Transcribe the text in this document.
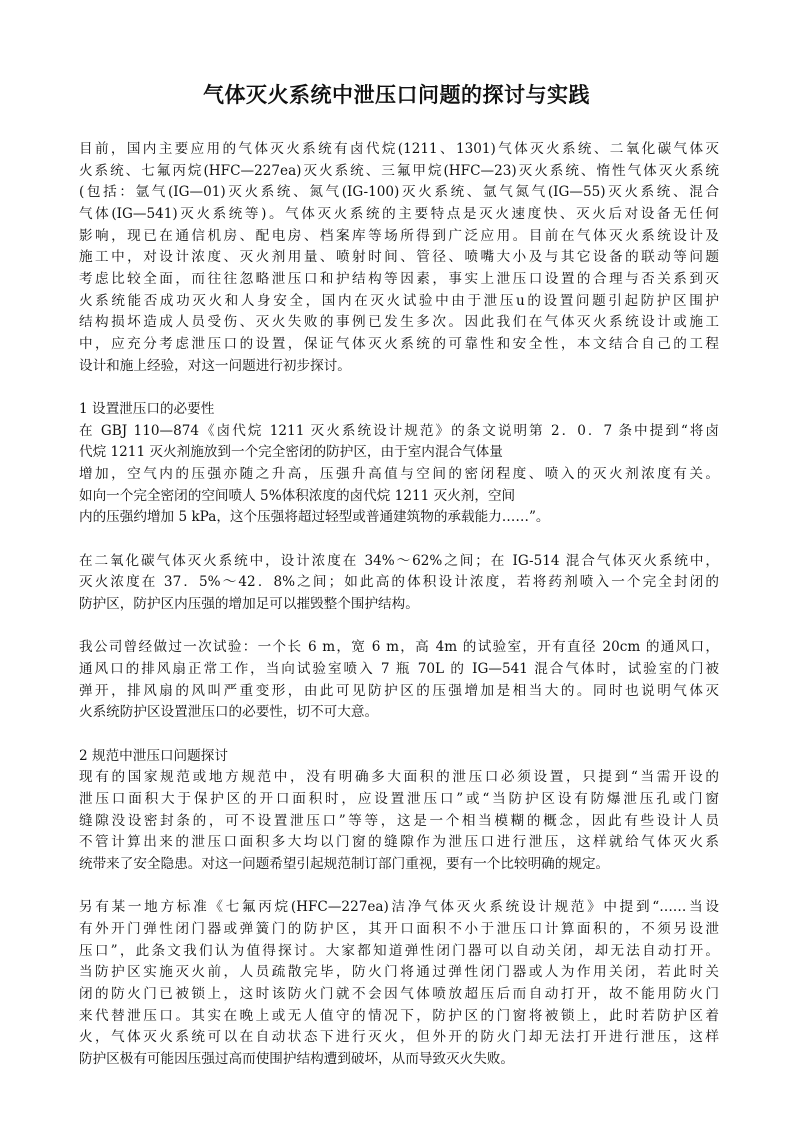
气体灭火系统中泄压口问题的探讨与实践
目前，国内主要应用的气体灭火系统有卤代烷(1211、1301)气体灭火系统、二氧化碳气体灭
火系统、七氟丙烷(HFC—227ea)灭火系统、三氟甲烷(HFC—23)灭火系统、惰性气体灭火系统
(包括：氩气(IG—01)灭火系统、氮气(IG-100)灭火系统、氩气氮气(IG—55)灭火系统、混合
气体(IG—541)灭火系统等)。气体灭火系统的主要特点是灭火速度快、灭火后对设备无任何
影响，现已在通信机房、配电房、档案库等场所得到广泛应用。目前在气体灭火系统设计及
施工中，对设计浓度、灭火剂用量、喷射时间、管径、喷嘴大小及与其它设备的联动等问题
考虑比较全面，而往往忽略泄压口和护结构等因素，事实上泄压口设置的合理与否关系到灭
火系统能否成功灭火和人身安全，国内在灭火试验中由于泄压u的设置问题引起防护区围护
结构损坏造成人员受伤、灭火失败的事例已发生多次。因此我们在气体灭火系统设计或施工
中，应充分考虑泄压口的设置，保证气体灭火系统的可靠性和安全性，本文结合自己的工程
设计和施上经验，对这一问题进行初步探讨。
1 设置泄压口的必要性
在 GBJ 110—874《卤代烷 1211 灭火系统设计规范》的条文说明第 2．0．7 条中提到“将卤
代烷 1211 灭火剂施放到一个完全密闭的防护区，由于室内混合气体量
增加，空气内的压强亦随之升高，压强升高值与空间的密闭程度、喷入的灭火剂浓度有关。
如向一个完全密闭的空间喷人 5%体积浓度的卤代烷 1211 灭火剂，空间
内的压强约增加 5 kPa，这个压强将超过轻型或普通建筑物的承载能力……”。
在二氧化碳气体灭火系统中，设计浓度在 34%～62%之间；在 IG-514 混合气体灭火系统中，
灭火浓度在 37．5%～42．8%之间；如此高的体积设计浓度，若将药剂喷入一个完全封闭的
防护区，防护区内压强的增加足可以摧毁整个围护结构。
我公司曾经做过一次试验：一个长 6 m，宽 6 m，高 4m 的试验室，开有直径 20cm 的通风口，
通风口的排风扇正常工作，当向试验室喷入 7 瓶 70L 的 IG—541 混合气体时，试验室的门被
弹开，排风扇的风叫严重变形，由此可见防护区的压强增加是相当大的。同时也说明气体灭
火系统防护区设置泄压口的必要性，切不可大意。
2 规范中泄压口问题探讨
现有的国家规范或地方规范中，没有明确多大面积的泄压口必须设置，只提到“当需开设的
泄压口面积大于保护区的开口面积时，应设置泄压口”或“当防护区设有防爆泄压孔或门窗
缝隙没设密封条的，可不设置泄压口”等等，这是一个相当模糊的概念，因此有些设计人员
不管计算出来的泄压口面积多大均以门窗的缝隙作为泄压口进行泄压，这样就给气体灭火系
统带来了安全隐患。对这一问题希望引起规范制订部门重视，要有一个比较明确的规定。
另有某一地方标准《七氟丙烷(HFC—227ea)洁净气体灭火系统设计规范》中提到“……当设
有外开门弹性闭门器或弹簧门的防护区，其开口面积不小于泄压口计算面积的，不须另设泄
压口”，此条文我们认为值得探讨。大家都知道弹性闭门器可以自动关闭，却无法自动打开。
当防护区实施灭火前，人员疏散完毕，防火门将通过弹性闭门器或人为作用关闭，若此时关
闭的防火门已被锁上，这时该防火门就不会因气体喷放超压后而自动打开，故不能用防火门
来代替泄压口。其实在晚上或无人值守的情况下，防护区的门窗将被锁上，此时若防护区着
火，气体灭火系统可以在自动状态下进行灭火，但外开的防火门却无法打开进行泄压，这样
防护区极有可能因压强过高而使围护结构遭到破坏，从而导致灭火失败。
